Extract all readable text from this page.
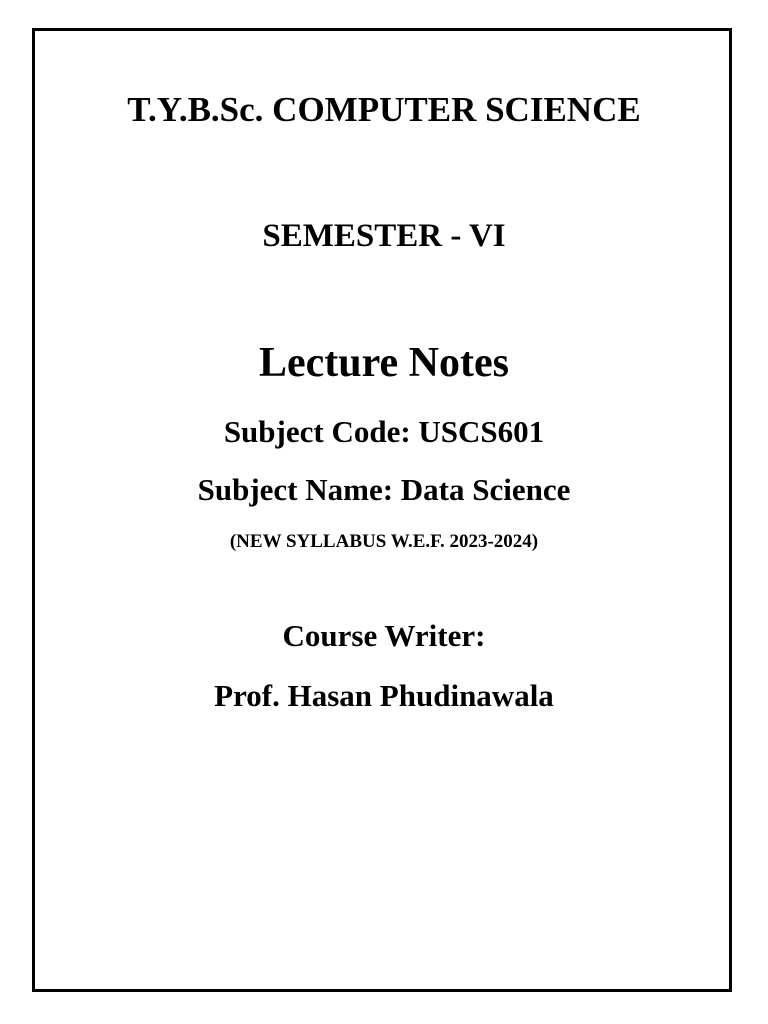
T.Y.B.Sc. COMPUTER SCIENCE
SEMESTER - VI
Lecture Notes
Subject Code: USCS601
Subject Name: Data Science
(NEW SYLLABUS W.E.F. 2023-2024)
Course Writer:
Prof. Hasan Phudinawala
